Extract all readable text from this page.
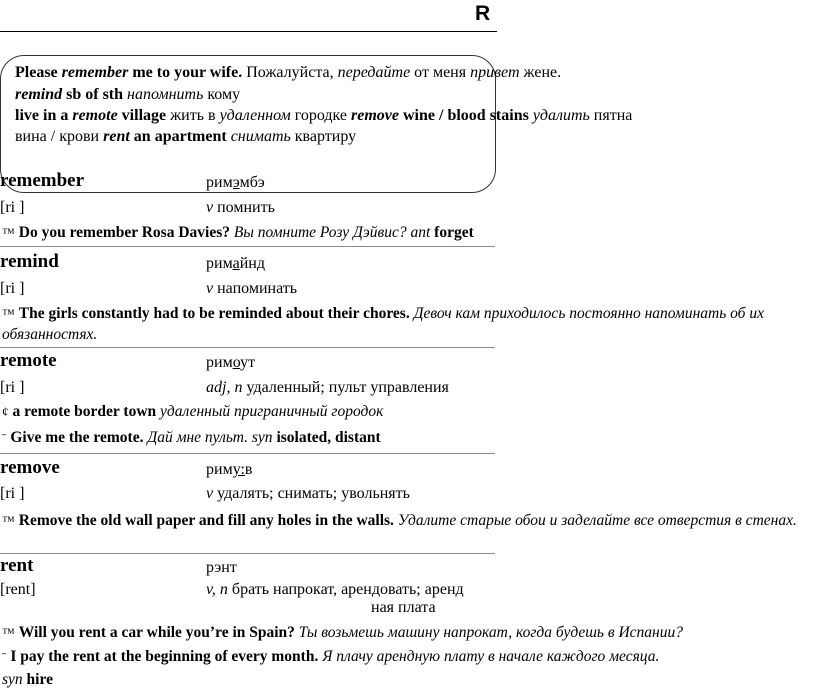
R
Please remember me to your wife. Пожалуйста, передайте от меня привет жене.
remind sb of sth напомнить кому
live in a remote village жить в удаленном городке remove wine / blood stains удалить пятна
вина / крови rent an apartment снимать квартиру
remember	римэмбэ
[ri ]	v помнить
™ Do you remember Rosa Davies? Вы помните Розу Дэйвис? ant forget
remind	римайнд
[ri ]	v напоминать
™ The girls constantly had to be reminded about their chores. Девоч кам приходилось постоянно напоминать об их обязанностях.
remote	римоут
[ri ]	adj, n удаленный; пульт управления
¢ a remote border town удаленный приграничный городок
ˉ Give me the remote. Дай мне пульт. syn isolated, distant
remove	риму:в
[ri ]	v удалять; снимать; увольнять
™ Remove the old wall paper and fill any holes in the walls. Удалите старые обои и заделайте все отверстия в стенах.
rent	рэнт
[rent]	v, n брать напрокат, арендовать; аренд
ная плата
™ Will you rent a car while you’re in Spain? Ты возьмешь машину напрокат, когда будешь в Испании?
ˉ I pay the rent at the beginning of every month. Я плачу арендную плату в начале каждого месяца.
syn hire
